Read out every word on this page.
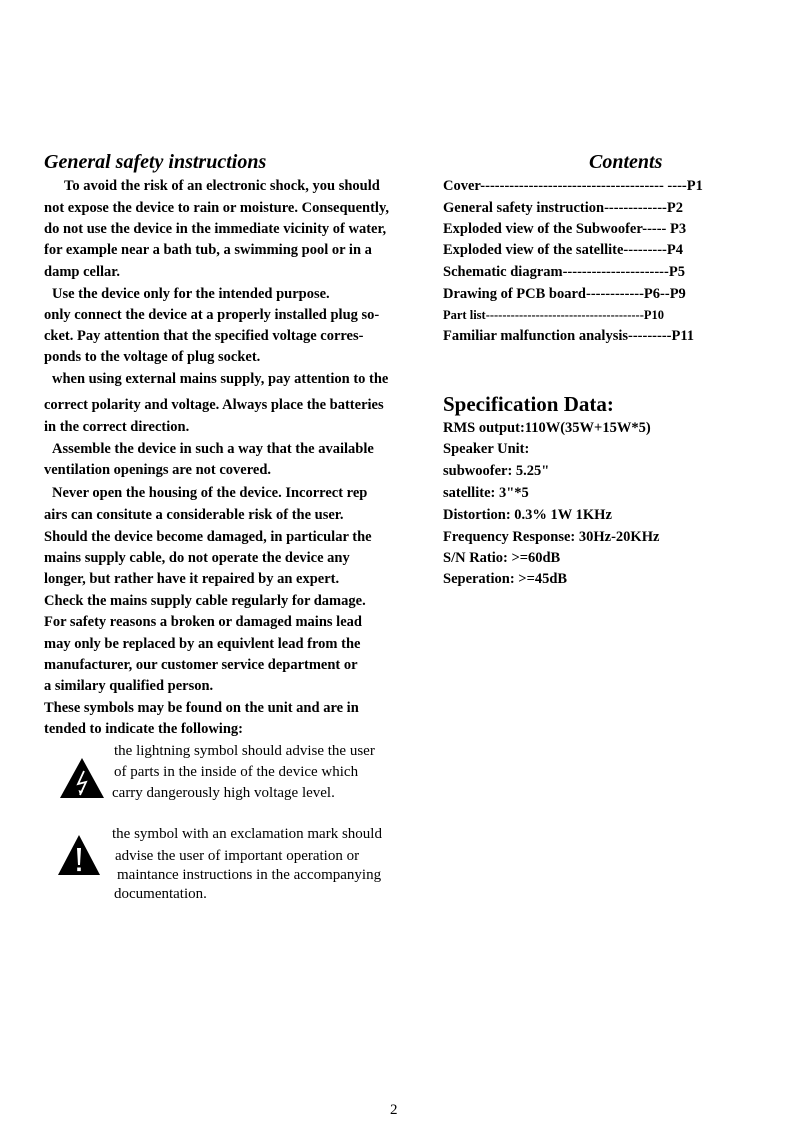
General safety instructions
To avoid the risk of an electronic shock, you should
not expose the device to rain or moisture. Consequently,
do not use the device in the immediate vicinity of water,
for example near a bath tub, a swimming pool or in a
damp cellar.
Use the device only for the intended purpose.
only connect the device at a properly installed plug so-
cket. Pay attention that the specified voltage corres-
ponds to the voltage of plug socket.
when using external mains supply, pay attention to the
correct polarity and voltage. Always place the batteries
in the correct direction.
Assemble the device in such a way that the available
ventilation openings are not covered.
Never open the housing of the device. Incorrect rep
airs can consitute a considerable risk of the user.
Should the device become damaged, in particular the
mains supply cable, do not operate the device any
longer, but rather have it repaired by an expert.
Check the mains supply cable regularly for damage.
For safety reasons a broken or damaged mains lead
may only be replaced by an equivlent lead from the
manufacturer, our customer service department or
a similary qualified person.
These symbols may be found on the unit and are in
tended to indicate the following:
the lightning symbol should advise the user
of parts in the inside of the device which
carry dangerously high voltage level.
the symbol with an exclamation mark should
advise the user of important operation or
maintance instructions in the accompanying
documentation.
Contents
Cover-------------------------------------- ----P1
General safety instruction-------------P2
Exploded view of the Subwoofer----- P3
Exploded view of the satellite---------P4
Schematic diagram----------------------P5
Drawing of PCB board------------P6--P9
Part list--------------------------------------P10
Familiar malfunction analysis---------P11
Specification Data:
RMS output:110W(35W+15W*5)
Speaker Unit:
subwoofer: 5.25"
satellite: 3"*5
Distortion: 0.3% 1W 1KHz
Frequency Response: 30Hz-20KHz
S/N Ratio: >=60dB
Seperation: >=45dB
2
